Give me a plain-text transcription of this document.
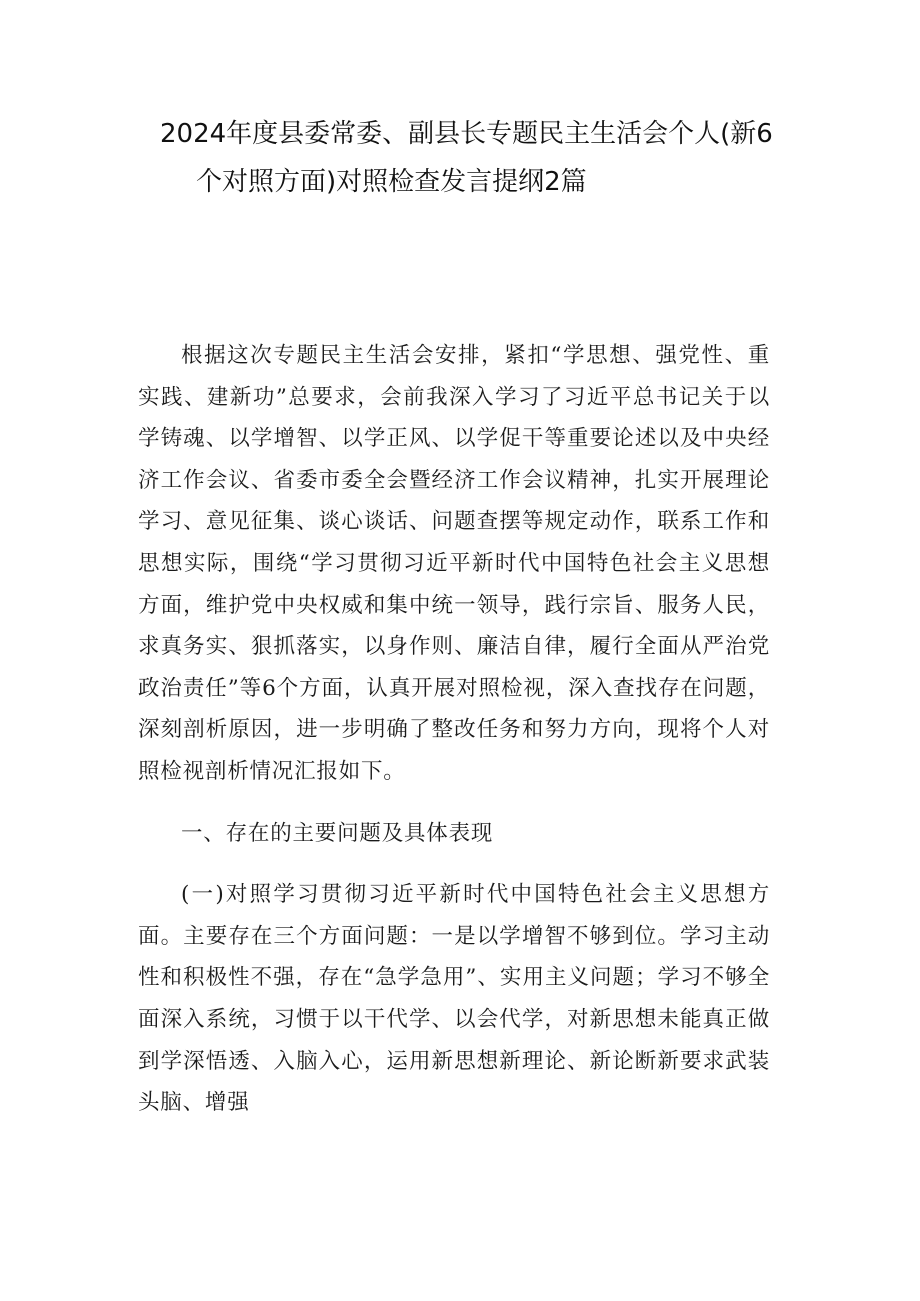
2024年度县委常委、副县长专题民主生活会个人(新6
个对照方面)对照检查发言提纲2篇

根据这次专题民主生活会安排，紧扣“学思想、强党性、重实践、建新功”总要求，会前我深入学习了习近平总书记关于以学铸魂、以学增智、以学正风、以学促干等重要论述以及中央经济工作会议、省委市委全会暨经济工作会议精神，扎实开展理论学习、意见征集、谈心谈话、问题查摆等规定动作，联系工作和思想实际，围绕“学习贯彻习近平新时代中国特色社会主义思想方面，维护党中央权威和集中统一领导，践行宗旨、服务人民，求真务实、狠抓落实，以身作则、廉洁自律，履行全面从严治党政治责任”等6个方面，认真开展对照检视，深入查找存在问题，深刻剖析原因，进一步明确了整改任务和努力方向，现将个人对照检视剖析情况汇报如下。

一、存在的主要问题及具体表现

(一)对照学习贯彻习近平新时代中国特色社会主义思想方面。主要存在三个方面问题：一是以学增智不够到位。学习主动性和积极性不强，存在“急学急用”、实用主义问题；学习不够全面深入系统，习惯于以干代学、以会代学，对新思想未能真正做到学深悟透、入脑入心，运用新思想新理论、新论断新要求武装头脑、增强
